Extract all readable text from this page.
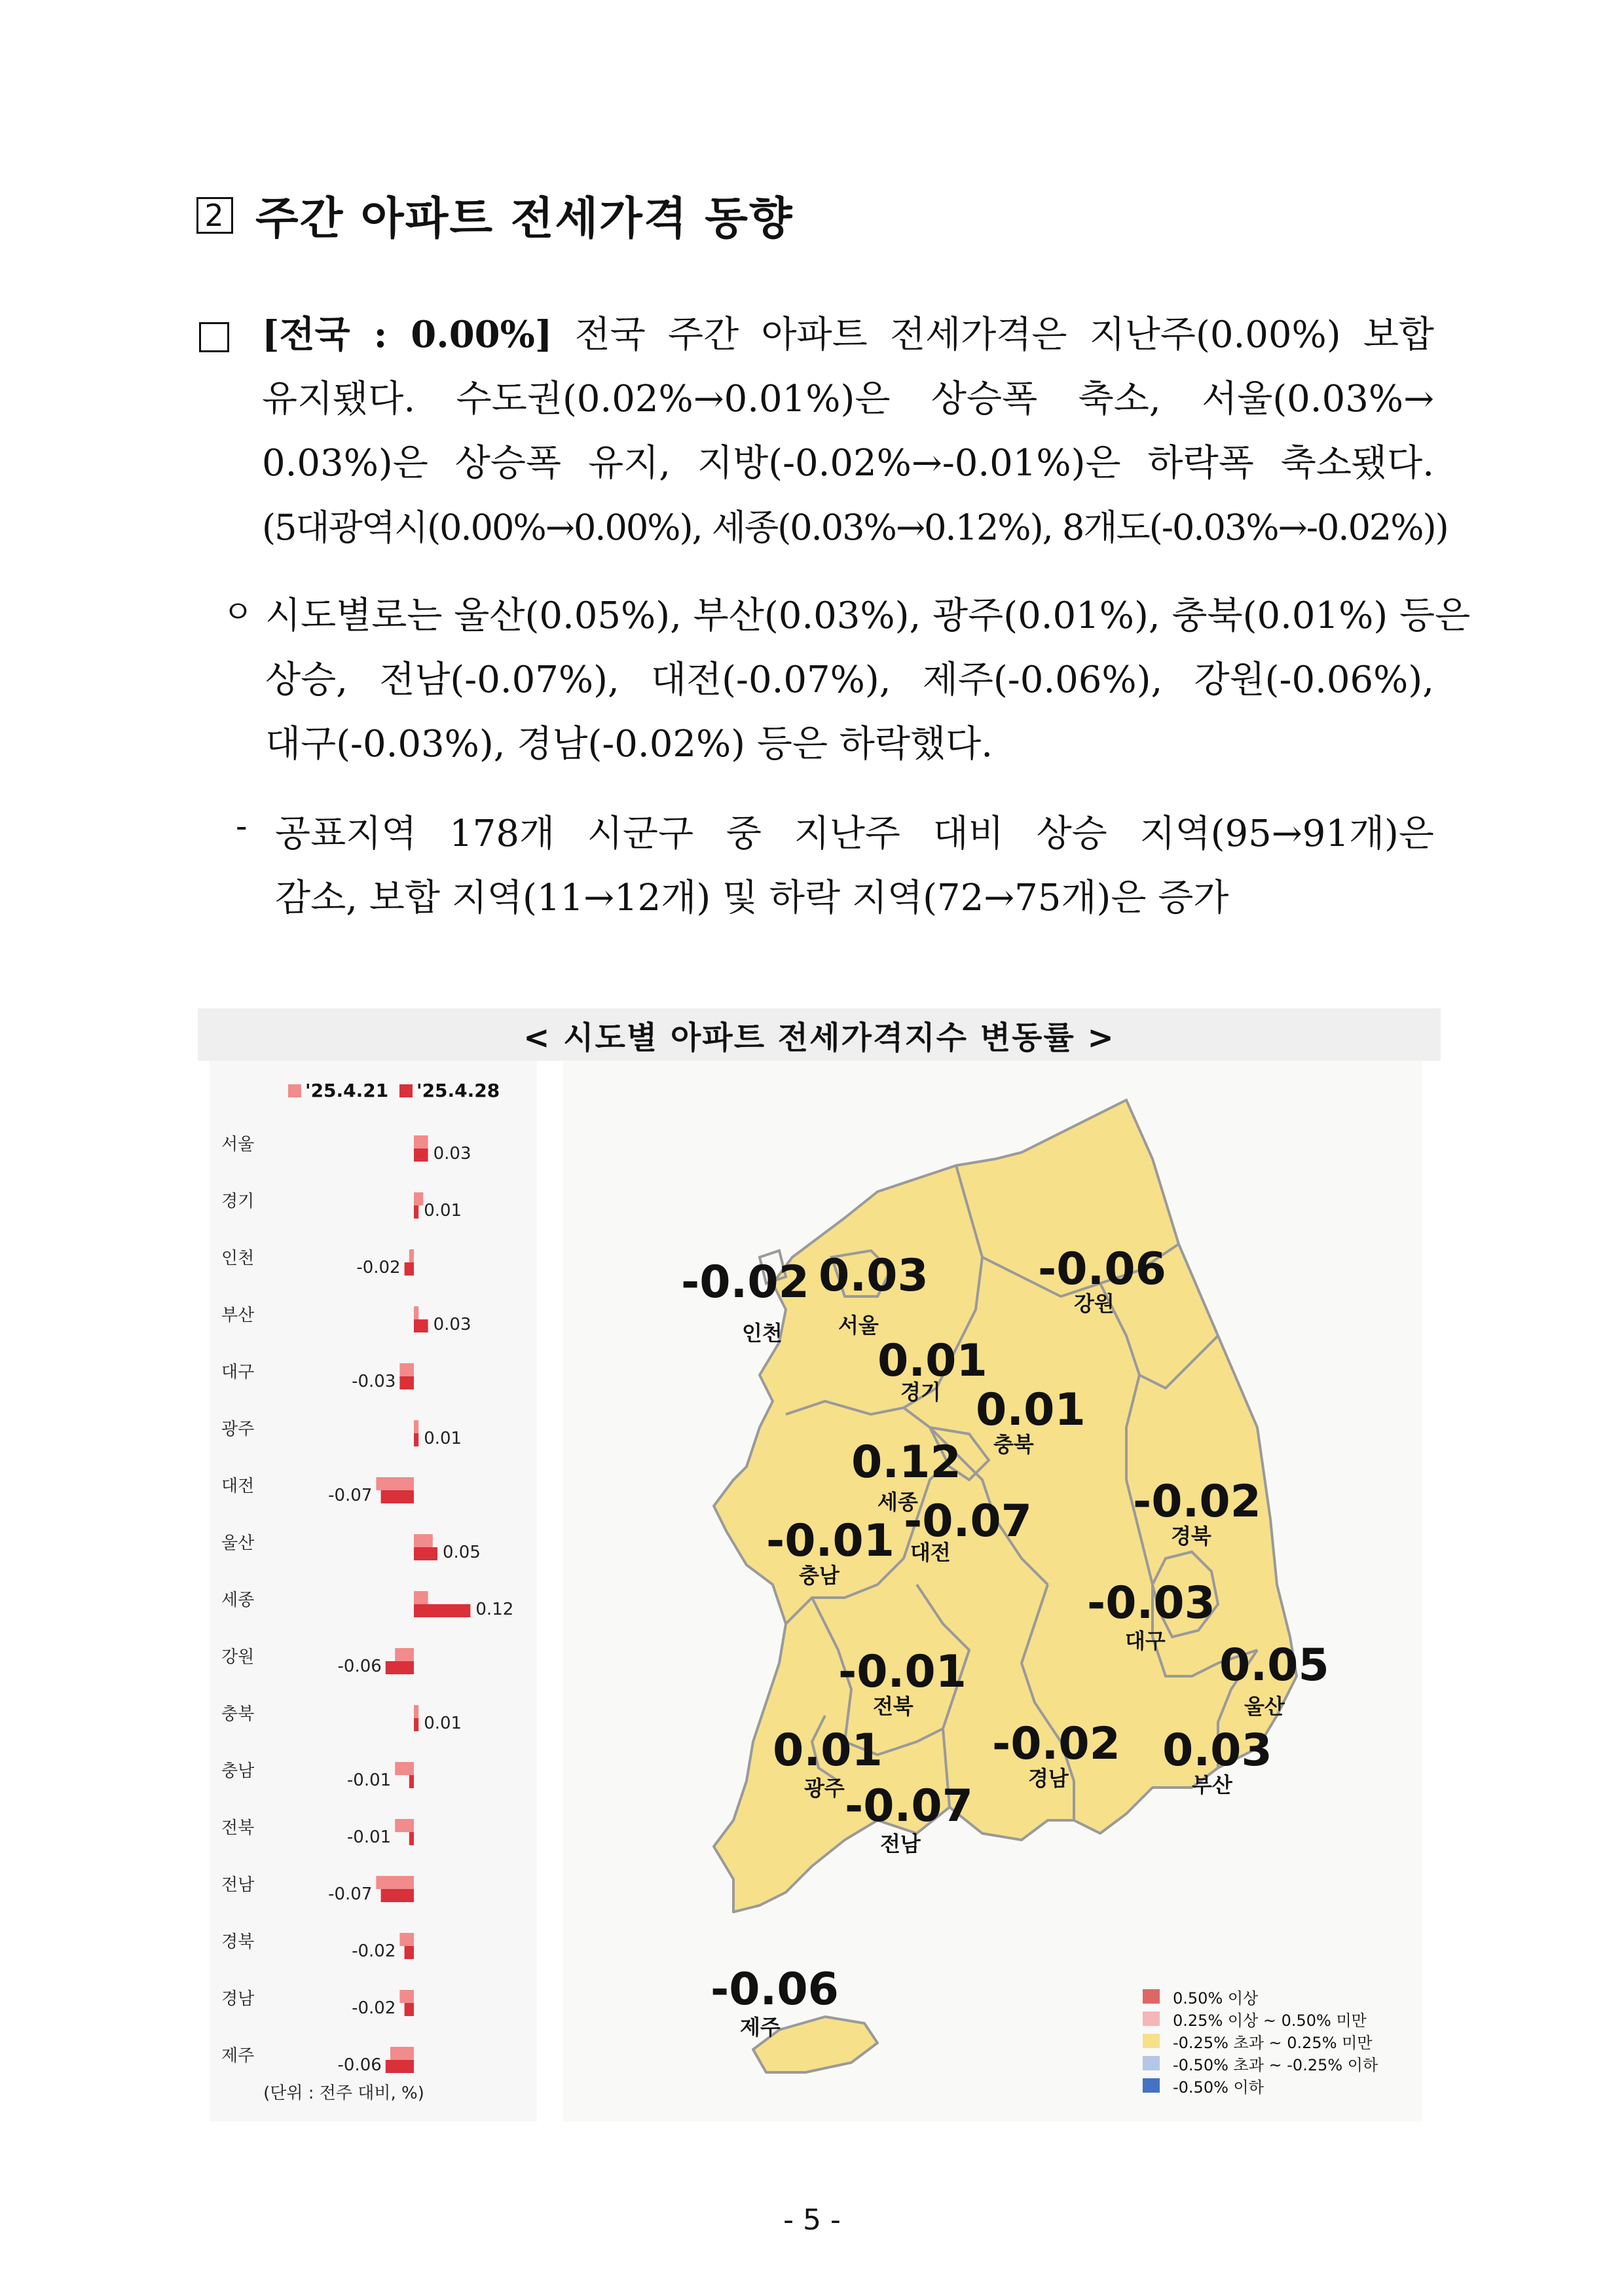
2 주간 아파트 전세가격 동향
[전국 : 0.00%] 전국 주간 아파트 전세가격은 지난주(0.00%) 보합
유지됐다. 수도권(0.02%→0.01%)은 상승폭 축소, 서울(0.03%→
0.03%)은 상승폭 유지, 지방(-0.02%→-0.01%)은 하락폭 축소됐다.
(5대광역시(0.00%→0.00%), 세종(0.03%→0.12%), 8개도(-0.03%→-0.02%))
ㅇ 시도별로는 울산(0.05%), 부산(0.03%), 광주(0.01%), 충북(0.01%) 등은
상승, 전남(-0.07%), 대전(-0.07%), 제주(-0.06%), 강원(-0.06%),
대구(-0.03%), 경남(-0.02%) 등은 하락했다.
- 공표지역 178개 시군구 중 지난주 대비 상승 지역(95→91개)은
감소, 보합 지역(11→12개) 및 하락 지역(72→75개)은 증가
< 시도별 아파트 전세가격지수 변동률 >
'25.4.21 '25.4.28
서울	0.03
경기	0.01
인천	-0.02
부산	0.03
대구	-0.03
광주	0.01
대전	-0.07
울산	0.05
세종	0.12
강원	-0.06
충북	0.01
충남	-0.01
전북	-0.01
전남	-0.07
경북	-0.02
경남	-0.02
제주	-0.06
(단위 : 전주 대비, %)
-0.02
인천
0.03
서울
-0.06
강원
0.01
경기 0.01
충북
0.12
세종
-0.07
대전
-0.02
경북
-0.01
충남
-0.03
대구 0.05
울산
-0.01
전북
0.01
광주
-0.02
경남
0.03
부산
-0.07
전남
-0.06
제주
0.50% 이상
0.25% 이상 ~ 0.50% 미만
-0.25% 초과 ~ 0.25% 미만
-0.50% 초과 ~ -0.25% 이하
-0.50% 이하
- 5 -
